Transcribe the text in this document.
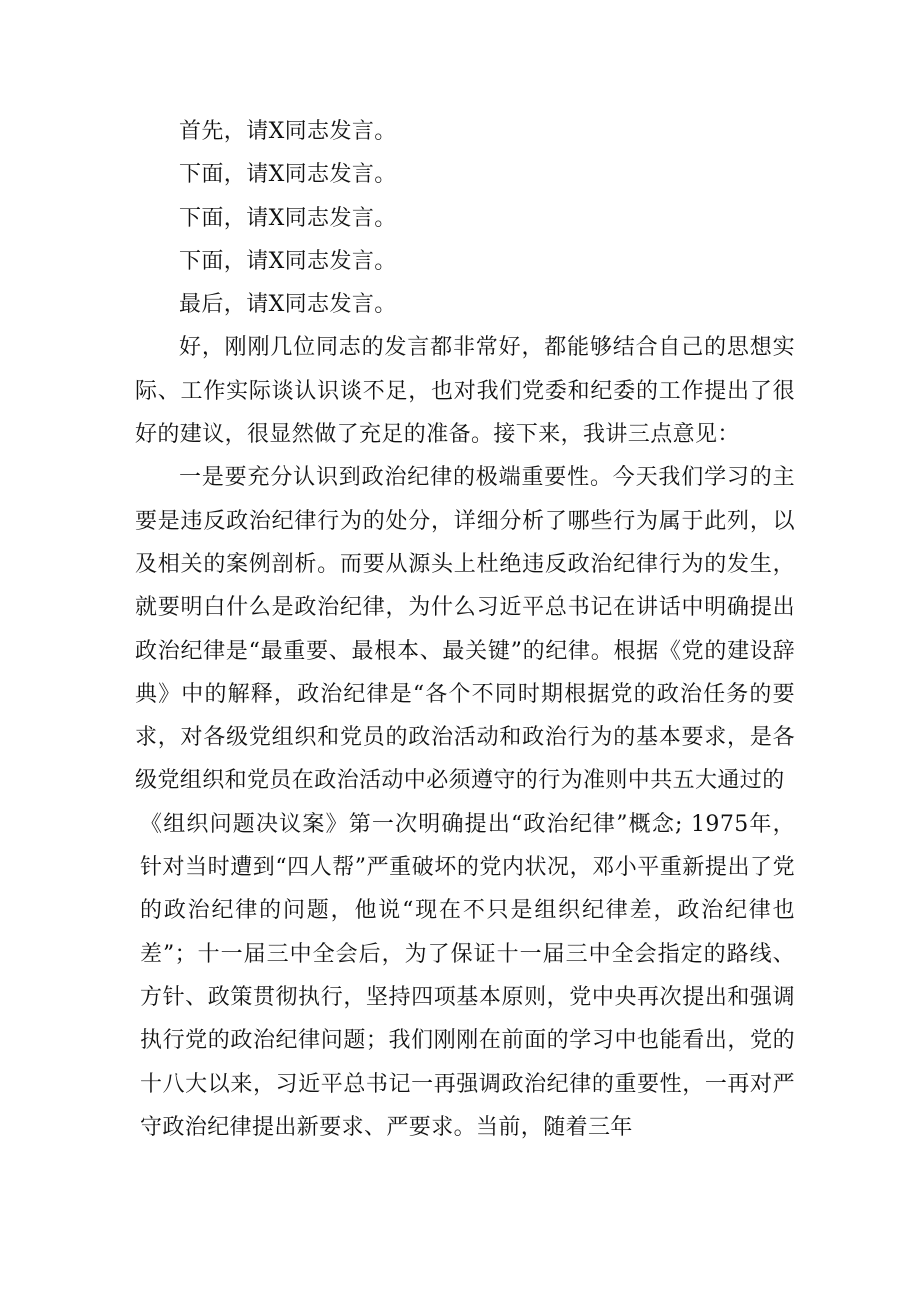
首先，请X同志发言。

下面，请X同志发言。

下面，请X同志发言。

下面，请X同志发言。

最后，请X同志发言。

好，刚刚几位同志的发言都非常好，都能够结合自己的思想实际、工作实际谈认识谈不足，也对我们党委和纪委的工作提出了很好的建议，很显然做了充足的准备。接下来，我讲三点意见：

一是要充分认识到政治纪律的极端重要性。今天我们学习的主要是违反政治纪律行为的处分，详细分析了哪些行为属于此列，以及相关的案例剖析。而要从源头上杜绝违反政治纪律行为的发生，就要明白什么是政治纪律，为什么习近平总书记在讲话中明确提出政治纪律是“最重要、最根本、最关键”的纪律。根据《党的建设辞典》中的解释，政治纪律是“各个不同时期根据党的政治任务的要求，对各级党组织和党员的政治活动和政治行为的基本要求，是各级党组织和党员在政治活动中必须遵守的行为准则中共五大通过的

《组织问题决议案》第一次明确提出“政治纪律”概念; 1975年，针对当时遭到“四人帮”严重破坏的党内状况，邓小平重新提出了党的政治纪律的问题，他说“现在不只是组织纪律差，政治纪律也差”；十一届三中全会后，为了保证十一届三中全会指定的路线、方针、政策贯彻执行，坚持四项基本原则，党中央再次提出和强调执行党的政治纪律问题；我们刚刚在前面的学习中也能看出，党的十八大以来，习近平总书记一再强调政治纪律的重要性，一再对严守政治纪律提出新要求、严要求。当前，随着三年
